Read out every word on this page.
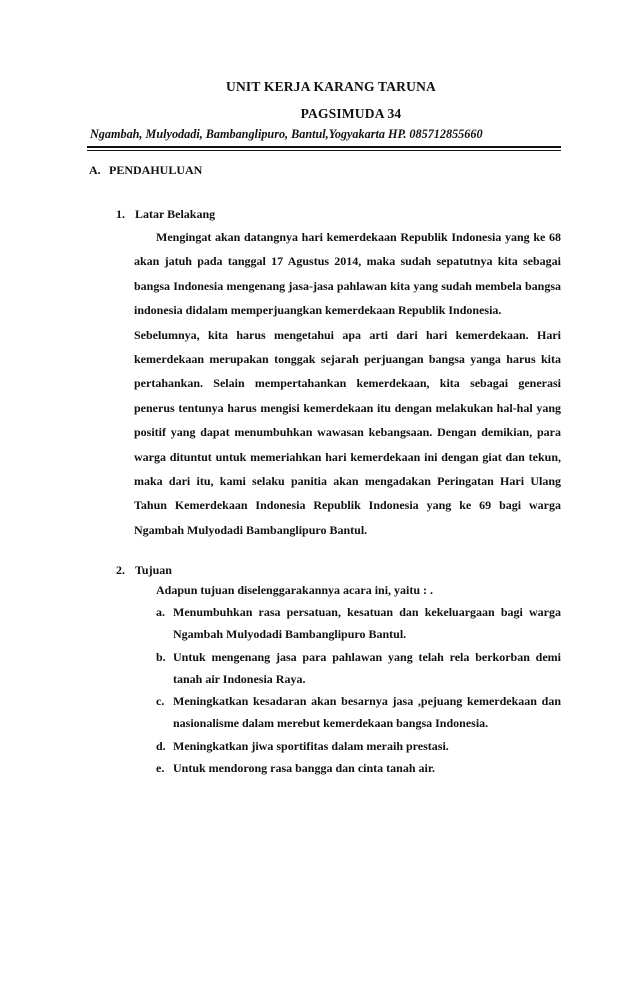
UNIT KERJA KARANG TARUNA
PAGSIMUDA 34
Ngambah, Mulyodadi, Bambanglipuro, Bantul,Yogyakarta HP. 085712855660
A. PENDAHULUAN
1. Latar Belakang

Mengingat akan datangnya hari kemerdekaan Republik Indonesia yang ke 68 akan jatuh pada tanggal 17 Agustus 2014, maka sudah sepatutnya kita sebagai bangsa Indonesia mengenang jasa-jasa pahlawan kita yang sudah membela bangsa indonesia didalam memperjuangkan kemerdekaan Republik Indonesia.

Sebelumnya, kita harus mengetahui apa arti dari hari kemerdekaan. Hari kemerdekaan merupakan tonggak sejarah perjuangan bangsa yanga harus kita pertahankan. Selain mempertahankan kemerdekaan, kita sebagai generasi penerus tentunya harus mengisi kemerdekaan itu dengan melakukan hal-hal yang positif yang dapat menumbuhkan wawasan kebangsaan. Dengan demikian, para warga dituntut untuk memeriahkan hari kemerdekaan ini dengan giat dan tekun, maka dari itu, kami selaku panitia akan mengadakan Peringatan Hari Ulang Tahun Kemerdekaan Indonesia Republik Indonesia yang ke 69 bagi warga Ngambah Mulyodadi Bambanglipuro Bantul.

2. Tujuan
Adapun tujuan diselenggarakannya acara ini, yaitu : .
a. Menumbuhkan rasa persatuan, kesatuan dan kekeluargaan bagi warga Ngambah Mulyodadi Bambanglipuro Bantul.
b. Untuk mengenang jasa para pahlawan yang telah rela berkorban demi tanah air Indonesia Raya.
c. Meningkatkan kesadaran akan besarnya jasa ,pejuang kemerdekaan dan nasionalisme dalam merebut kemerdekaan bangsa Indonesia.
d. Meningkatkan jiwa sportifitas dalam meraih prestasi.
e. Untuk mendorong rasa bangga dan cinta tanah air.
